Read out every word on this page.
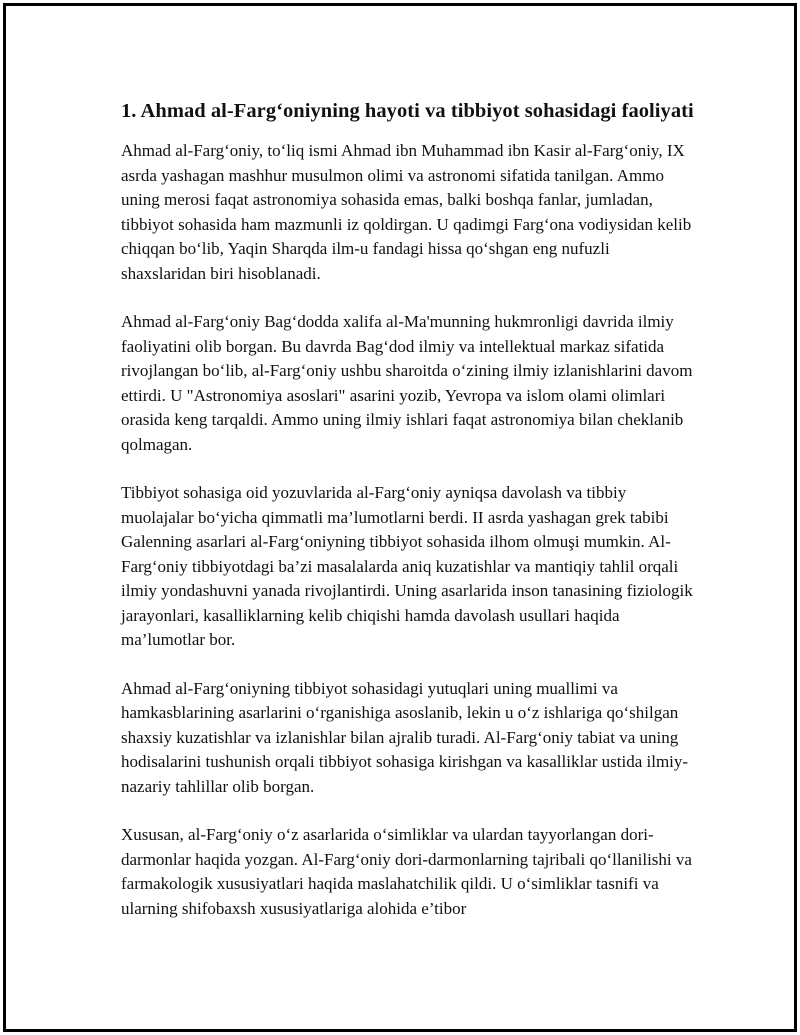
1. Ahmad al-Farg‘oniyning hayoti va tibbiyot sohasidagi faoliyati

Ahmad al-Farg‘oniy, to‘liq ismi Ahmad ibn Muhammad ibn Kasir al-Farg‘oniy, IX asrda yashagan mashhur musulmon olimi va astronomi sifatida tanilgan. Ammo uning merosi faqat astronomiya sohasida emas, balki boshqa fanlar, jumladan, tibbiyot sohasida ham mazmunli iz qoldirgan. U qadimgi Farg‘ona vodiysidan kelib chiqqan bo‘lib, Yaqin Sharqda ilm-u fandagi hissa qo‘shgan eng nufuzli shaxslaridan biri hisoblanadi.

Ahmad al-Farg‘oniy Bag‘dodda xalifa al-Ma'munning hukmronligi davrida ilmiy faoliyatini olib borgan. Bu davrda Bag‘dod ilmiy va intellektual markaz sifatida rivojlangan bo‘lib, al-Farg‘oniy ushbu sharoitda o‘zining ilmiy izlanishlarini davom ettirdi. U "Astronomiya asoslari" asarini yozib, Yevropa va islom olami olimlari orasida keng tarqaldi. Ammo uning ilmiy ishlari faqat astronomiya bilan cheklanib qolmagan.

Tibbiyot sohasiga oid yozuvlarida al-Farg‘oniy ayniqsa davolash va tibbiy muolajalar bo‘yicha qimmatli ma’lumotlarni berdi. II asrda yashagan grek tabibi Galenning asarlari al-Farg‘oniyning tibbiyot sohasida ilhom olmuşi mumkin. Al-Farg‘oniy tibbiyotdagi ba’zi masalalarda aniq kuzatishlar va mantiqiy tahlil orqali ilmiy yondashuvni yanada rivojlantirdi. Uning asarlarida inson tanasining fiziologik jarayonlari, kasalliklarning kelib chiqishi hamda davolash usullari haqida ma’lumotlar bor.

Ahmad al-Farg‘oniyning tibbiyot sohasidagi yutuqlari uning muallimi va hamkasblarining asarlarini o‘rganishiga asoslanib, lekin u o‘z ishlariga qo‘shilgan shaxsiy kuzatishlar va izlanishlar bilan ajralib turadi. Al-Farg‘oniy tabiat va uning hodisalarini tushunish orqali tibbiyot sohasiga kirishgan va kasalliklar ustida ilmiy-nazariy tahlillar olib borgan.

Xususan, al-Farg‘oniy o‘z asarlarida o‘simliklar va ulardan tayyorlangan dori-darmonlar haqida yozgan. Al-Farg‘oniy dori-darmonlarning tajribali qo‘llanilishi va farmakologik xususiyatlari haqida maslahatchilik qildi. U o‘simliklar tasnifi va ularning shifobaxsh xususiyatlariga alohida e’tibor
